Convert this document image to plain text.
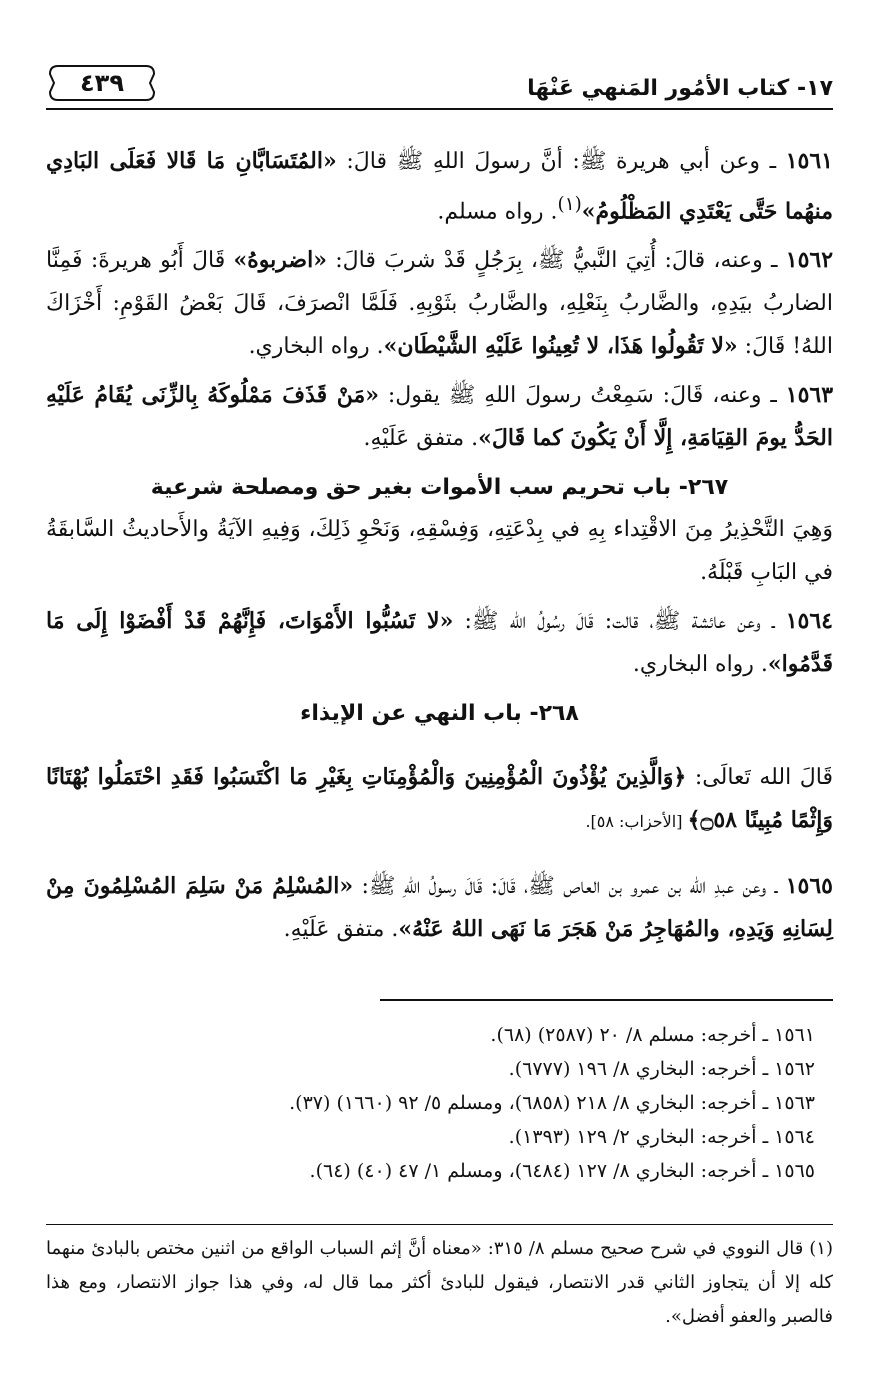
١٧- كتاب الأمُور المَنهي عَنْهَا
٤٣٩

١٥٦١ ـ وعن أبي هريرة ﷺ: أنَّ رسولَ اللهِ ﷺ قالَ: «المُتَسَابَّانِ مَا قَالا فَعَلَى البَادِي منهُما حَتَّى يَعْتَدِي المَظْلُومُ»$^{(١)}$. رواه مسلم.

١٥٦٢ ـ وعنه، قالَ: أُتِيَ النَّبيُّ ﷺ، بِرَجُلٍ قَدْ شربَ قالَ: «اضربوهُ» قَالَ أَبُو هريرةَ: فَمِنَّا الضاربُ بيَدِهِ، والضَّاربُ بِنَعْلِهِ، والضَّاربُ بثَوْبِهِ. فَلَمَّا انْصرَفَ، قَالَ بَعْضُ القَوْمِ: أَخْزَاكَ اللهُ! قَالَ: «لا تَقُولُوا هَذَا، لا تُعِينُوا عَلَيْهِ الشَّيْطَان». رواه البخاري.

١٥٦٣ ـ وعنه، قَالَ: سَمِعْتُ رسولَ اللهِ ﷺ يقول: «مَنْ قَذَفَ مَمْلُوكَهُ بِالزِّنَى يُقَامُ عَلَيْهِ الحَدُّ يومَ القِيَامَةِ، إِلَّا أَنْ يَكُونَ كما قَالَ». متفق عَلَيْهِ.

٢٦٧- باب تحريم سب الأموات بغير حق ومصلحة شرعية

وَهِيَ التَّحْذِيرُ مِنَ الاقْتِداء بِهِ في بِدْعَتِهِ، وَفِسْقِهِ، وَنَحْوِ ذَلِكَ، وَفِيهِ الآيَةُ والأَحاديثُ السَّابقَةُ في البَابِ قَبْلَهُ.

١٥٦٤ ـ وعن عائشة ﷺ، قالت: قَالَ رسُولُ الله ﷺ: «لا تَسُبُّوا الأَمْوَاتَ، فَإِنَّهُمْ قَدْ أَفْضَوْا إِلَى مَا قَدَّمُوا». رواه البخاري.

٢٦٨- باب النهي عن الإيذاء

قَالَ الله تَعالَى: ﴿وَالَّذِينَ يُؤْذُونَ الْمُؤْمِنِينَ وَالْمُؤْمِنَاتِ بِغَيْرِ مَا اكْتَسَبُوا فَقَدِ احْتَمَلُوا بُهْتَانًا وَإِثْمًا مُبِينًا ۝٥٨﴾ [الأحزاب: ٥٨].

١٥٦٥ ـ وعن عبدِ الله بن عمرو بن العاص ﷺ، قَالَ: قَالَ رسولُ اللهِ ﷺ: «المُسْلِمُ مَنْ سَلِمَ المُسْلِمُونَ مِنْ لِسَانِهِ وَيَدِهِ، والمُهَاجِرُ مَنْ هَجَرَ مَا نَهَى اللهُ عَنْهُ». متفق عَلَيْهِ.

١٥٦١ ـ أخرجه: مسلم ٨/ ٢٠ (٢٥٨٧) (٦٨).
١٥٦٢ ـ أخرجه: البخاري ٨/ ١٩٦ (٦٧٧٧).
١٥٦٣ ـ أخرجه: البخاري ٨/ ٢١٨ (٦٨٥٨)، ومسلم ٥/ ٩٢ (١٦٦٠) (٣٧).
١٥٦٤ ـ أخرجه: البخاري ٢/ ١٢٩ (١٣٩٣).
١٥٦٥ ـ أخرجه: البخاري ٨/ ١٢٧ (٦٤٨٤)، ومسلم ١/ ٤٧ (٤٠) (٦٤).
(١) قال النووي في شرح صحيح مسلم ٨/ ٣١٥: «معناه أنَّ إثم السباب الواقع من اثنين مختص بالبادئ منهما كله إلا أن يتجاوز الثاني قدر الانتصار، فيقول للبادئ أكثر مما قال له، وفي هذا جواز الانتصار، ومع هذا فالصبر والعفو أفضل».
